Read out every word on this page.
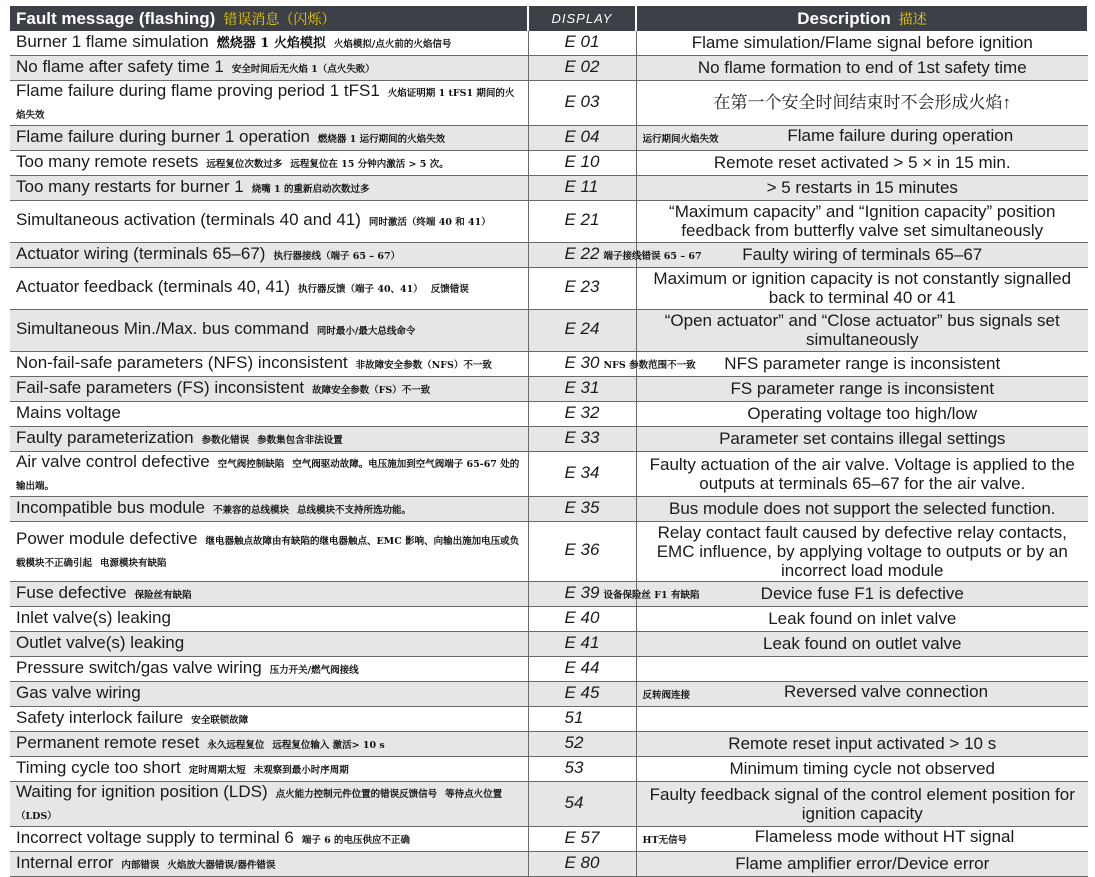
Fault message (flashing) 错误消息（闪烁）	DISPLAY	Description 描述
Burner 1 flame simulation 燃烧器 1 火焰模拟 火焰模拟/点火前的火焰信号	E 01	Flame simulation/Flame signal before ignition
No flame after safety time 1 安全时间后无火焰 1（点火失败）	E 02	No flame formation to end of 1st safety time
Flame failure during flame proving period 1 tFS1 火焰证明期 1 tFS1 期间的火焰失效	E 03	在第一个安全时间结束时不会形成火焰↑
Flame failure during burner 1 operation 燃烧器 1 运行期间的火焰失效	E 04	运行期间火焰失效 Flame failure during operation
Too many remote resets 远程复位次数过多 远程复位在 15 分钟内激活 > 5 次。	E 10	Remote reset activated > 5 × in 15 min.
Too many restarts for burner 1 烧嘴 1 的重新启动次数过多	E 11	> 5 restarts in 15 minutes
Simultaneous activation (terminals 40 and 41) 同时激活（终端 40 和 41）	E 21	“Maximum capacity” and “Ignition capacity” position feedback from butterfly valve set simultaneously
Actuator wiring (terminals 65–67) 执行器接线（端子 65 – 67）	E 22 端子接线错误 65 – 67	Faulty wiring of terminals 65–67
Actuator feedback (terminals 40, 41) 执行器反馈（端子 40、41） 反馈错误	E 23	Maximum or ignition capacity is not constantly signalled back to terminal 40 or 41
Simultaneous Min./Max. bus command 同时最小/最大总线命令	E 24	“Open actuator” and “Close actuator” bus signals set simultaneously
Non-fail-safe parameters (NFS) inconsistent 非故障安全参数（NFS）不一致	E 30 NFS 参数范围不一致	NFS parameter range is inconsistent
Fail-safe parameters (FS) inconsistent 故障安全参数（FS）不一致	E 31	FS parameter range is inconsistent
Mains voltage	E 32	Operating voltage too high/low
Faulty parameterization 参数化错误 参数集包含非法设置	E 33	Parameter set contains illegal settings
Air valve control defective 空气阀控制缺陷 空气阀驱动故障。电压施加到空气阀端子 65-67 处的输出端。	E 34	Faulty actuation of the air valve. Voltage is applied to the outputs at terminals 65–67 for the air valve.
Incompatible bus module 不兼容的总线模块 总线模块不支持所选功能。	E 35	Bus module does not support the selected function.
Power module defective 继电器触点故障由有缺陷的继电器触点、EMC 影响、向输出施加电压或负载模块不正确引起 电源模块有缺陷	E 36	Relay contact fault caused by defective relay contacts, EMC influence, by applying voltage to outputs or by an incorrect load module
Fuse defective 保险丝有缺陷	E 39 设备保险丝 F1 有缺陷	Device fuse F1 is defective
Inlet valve(s) leaking	E 40	Leak found on inlet valve
Outlet valve(s) leaking	E 41	Leak found on outlet valve
Pressure switch/gas valve wiring 压力开关/燃气阀接线	E 44	

Gas valve wiring	E 45	反转阀连接 Reversed valve connection
Safety interlock failure 安全联锁故障	51	

Permanent remote reset 永久远程复位 远程复位输入 激活> 10 s	52	Remote reset input activated > 10 s
Timing cycle too short 定时周期太短 未观察到最小时序周期	53	Minimum timing cycle not observed
Waiting for ignition position (LDS) 点火能力控制元件位置的错误反馈信号 等待点火位置（LDS）	54	Faulty feedback signal of the control element position for ignition capacity
Incorrect voltage supply to terminal 6 端子 6 的电压供应不正确	E 57	HT无信号 Flameless mode without HT signal
Internal error 内部错误 火焰放大器错误/器件错误	E 80	Flame amplifier error/Device error
